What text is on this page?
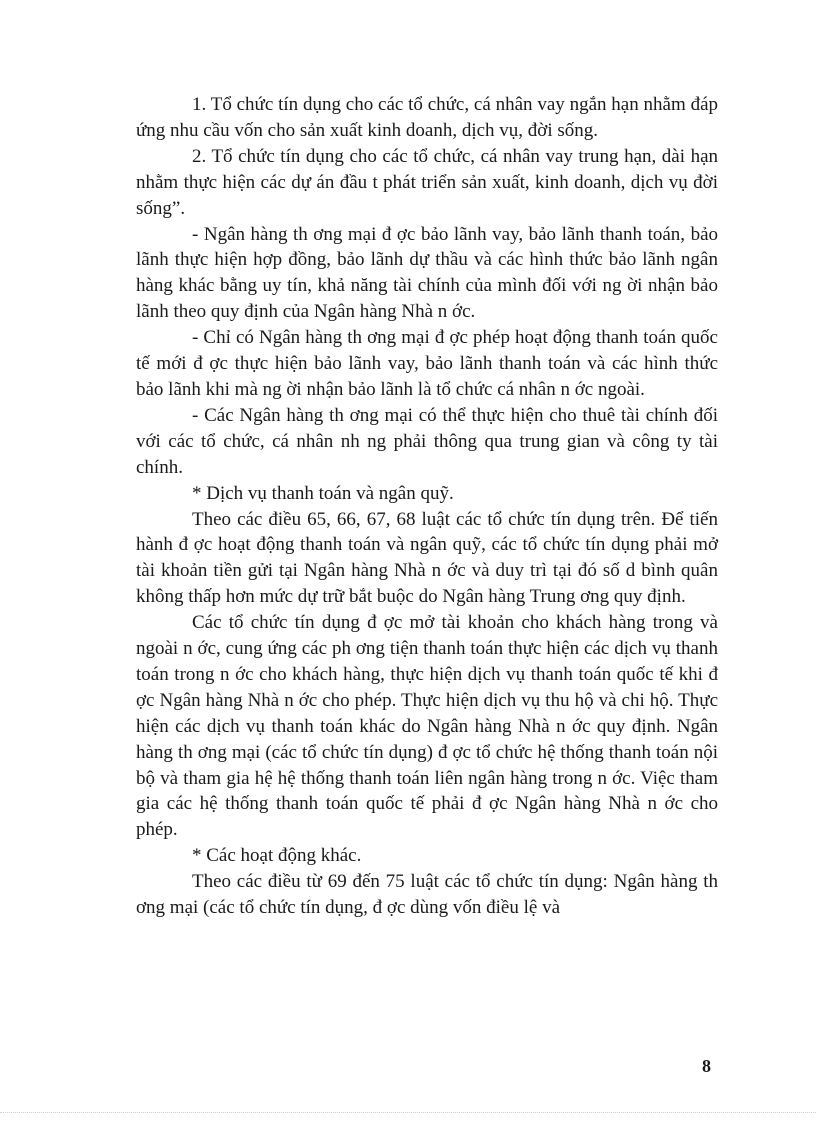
1. Tổ chức tín dụng cho các tổ chức, cá nhân vay ngắn hạn nhằm đáp ứng nhu cầu vốn cho sản xuất kinh doanh, dịch vụ, đời sống.

2. Tổ chức tín dụng cho các tổ chức, cá nhân vay trung hạn, dài hạn nhằm thực hiện các dự án đầu t phát triển sản xuất, kinh doanh, dịch vụ đời sống”.

- Ngân hàng th ơng mại đ ợc bảo lãnh vay, bảo lãnh thanh toán, bảo lãnh thực hiện hợp đồng, bảo lãnh dự thầu và các hình thức bảo lãnh ngân hàng khác bằng uy tín, khả năng tài chính của mình đối với ng ời nhận bảo lãnh theo quy định của Ngân hàng Nhà n ớc.

- Chỉ có Ngân hàng th ơng mại đ ợc phép hoạt động thanh toán quốc tế mới đ ợc thực hiện bảo lãnh vay, bảo lãnh thanh toán và các hình thức bảo lãnh khi mà ng ời nhận bảo lãnh là tổ chức cá nhân n ớc ngoài.

- Các Ngân hàng th ơng mại có thể thực hiện cho thuê tài chính đối với các tổ chức, cá nhân nh ng phải thông qua trung gian và công ty tài chính.

* Dịch vụ thanh toán và ngân quỹ.

Theo các điều 65, 66, 67, 68 luật các tổ chức tín dụng trên. Để tiến hành đ ợc hoạt động thanh toán và ngân quỹ, các tổ chức tín dụng phải mở tài khoản tiền gửi tại Ngân hàng Nhà n ớc và duy trì tại đó số d bình quân không thấp hơn mức dự trữ bắt buộc do Ngân hàng Trung ơng quy định.

Các tổ chức tín dụng đ ợc mở tài khoản cho khách hàng trong và ngoài n ớc, cung ứng các ph ơng tiện thanh toán thực hiện các dịch vụ thanh toán trong n ớc cho khách hàng, thực hiện dịch vụ thanh toán quốc tế khi đ ợc Ngân hàng Nhà n ớc cho phép. Thực hiện dịch vụ thu hộ và chi hộ. Thực hiện các dịch vụ thanh toán khác do Ngân hàng Nhà n ớc quy định. Ngân hàng th ơng mại (các tổ chức tín dụng) đ ợc tổ chức hệ thống thanh toán nội bộ và tham gia hệ hệ thống thanh toán liên ngân hàng trong n ớc. Việc tham gia các hệ thống thanh toán quốc tế phải đ ợc Ngân hàng Nhà n ớc cho phép.

* Các hoạt động khác.

Theo các điều từ 69 đến 75 luật các tổ chức tín dụng: Ngân hàng th ơng mại (các tổ chức tín dụng, đ ợc dùng vốn điều lệ và

8
